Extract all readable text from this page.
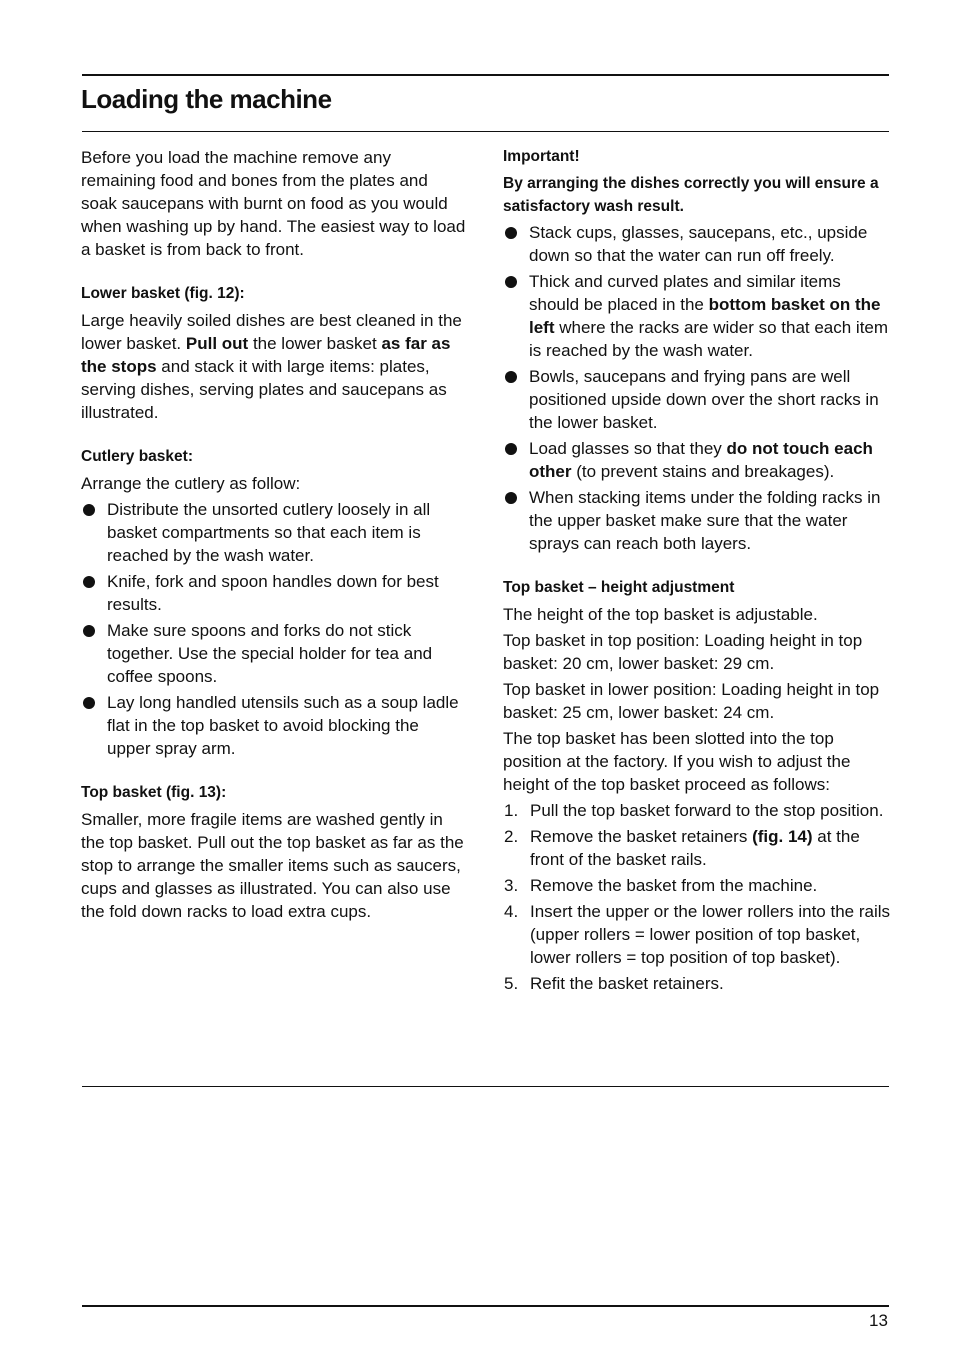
Loading the machine

Before you load the machine remove any remaining food and bones from the plates and soak saucepans with burnt on food as you would when washing up by hand. The easiest way to load a basket is from back to front.

Lower basket (fig. 12):

Large heavily soiled dishes are best cleaned in the lower basket. Pull out the lower basket as far as the stops and stack it with large items: plates, serving dishes, serving plates and saucepans as illustrated.

Cutlery basket:

Arrange the cutlery as follow:

Distribute the unsorted cutlery loosely in all basket compartments so that each item is reached by the wash water.
Knife, fork and spoon handles down for best results.
Make sure spoons and forks do not stick together. Use the special holder for tea and coffee spoons.
Lay long handled utensils such as a soup ladle flat in the top basket to avoid blocking the upper spray arm.
Top basket (fig. 13):

Smaller, more fragile items are washed gently in the top basket. Pull out the top basket as far as the stop to arrange the smaller items such as saucers, cups and glasses as illustrated. You can also use the fold down racks to load extra cups.

Important!
By arranging the dishes correctly you will ensure a satisfactory wash result.
Stack cups, glasses, saucepans, etc., upside down so that the water can run off freely.
Thick and curved plates and similar items should be placed in the bottom basket on the left where the racks are wider so that each item is reached by the wash water.
Bowls, saucepans and frying pans are well positioned upside down over the short racks in the lower basket.
Load glasses so that they do not touch each other (to prevent stains and breakages).
When stacking items under the folding racks in the upper basket make sure that the water sprays can reach both layers.
Top basket – height adjustment

The height of the top basket is adjustable.

Top basket in top position: Loading height in top basket: 20 cm, lower basket: 29 cm.

Top basket in lower position: Loading height in top basket: 25 cm, lower basket: 24 cm.

The top basket has been slotted into the top position at the factory. If you wish to adjust the height of the top basket proceed as follows:

1. Pull the top basket forward to the stop position.
2. Remove the basket retainers (fig. 14) at the front of the basket rails.
3. Remove the basket from the machine.
4. Insert the upper or the lower rollers into the rails (upper rollers = lower position of top basket, lower rollers = top position of top basket).
5. Refit the basket retainers.
13
